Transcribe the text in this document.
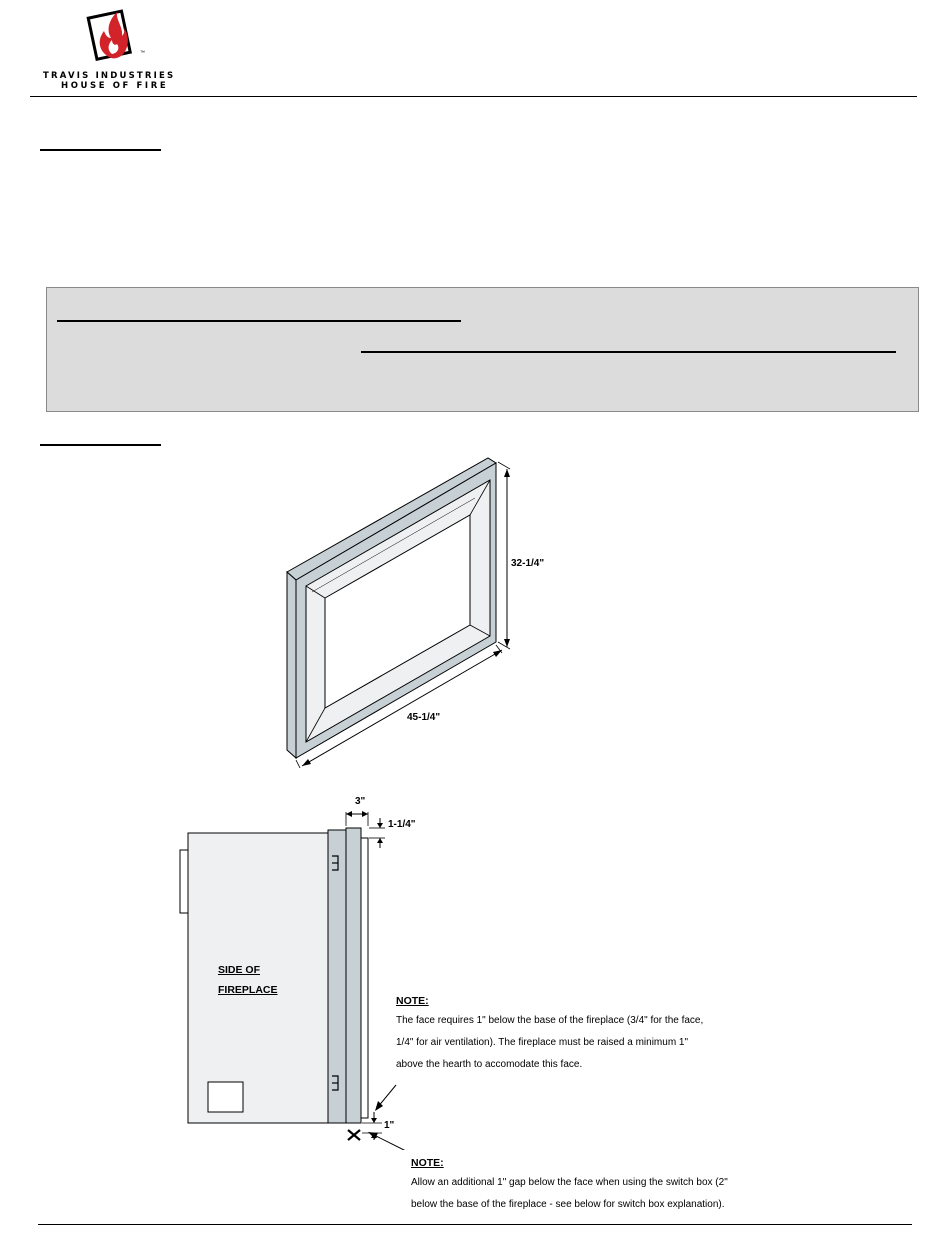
™
TRAVIS INDUSTRIES
HOUSE OF FIRE
32-1/4"
45-1/4"
3"
1-1/4"
1"
SIDE OF
FIREPLACE
NOTE:
The face requires 1" below the base of the fireplace (3/4" for the face,
1/4" for air ventilation). The fireplace must be raised a minimum 1"
above the hearth to accomodate this face.
NOTE:
Allow an additional 1" gap below the face when using the switch box (2"
below the base of the fireplace - see below for switch box explanation).
